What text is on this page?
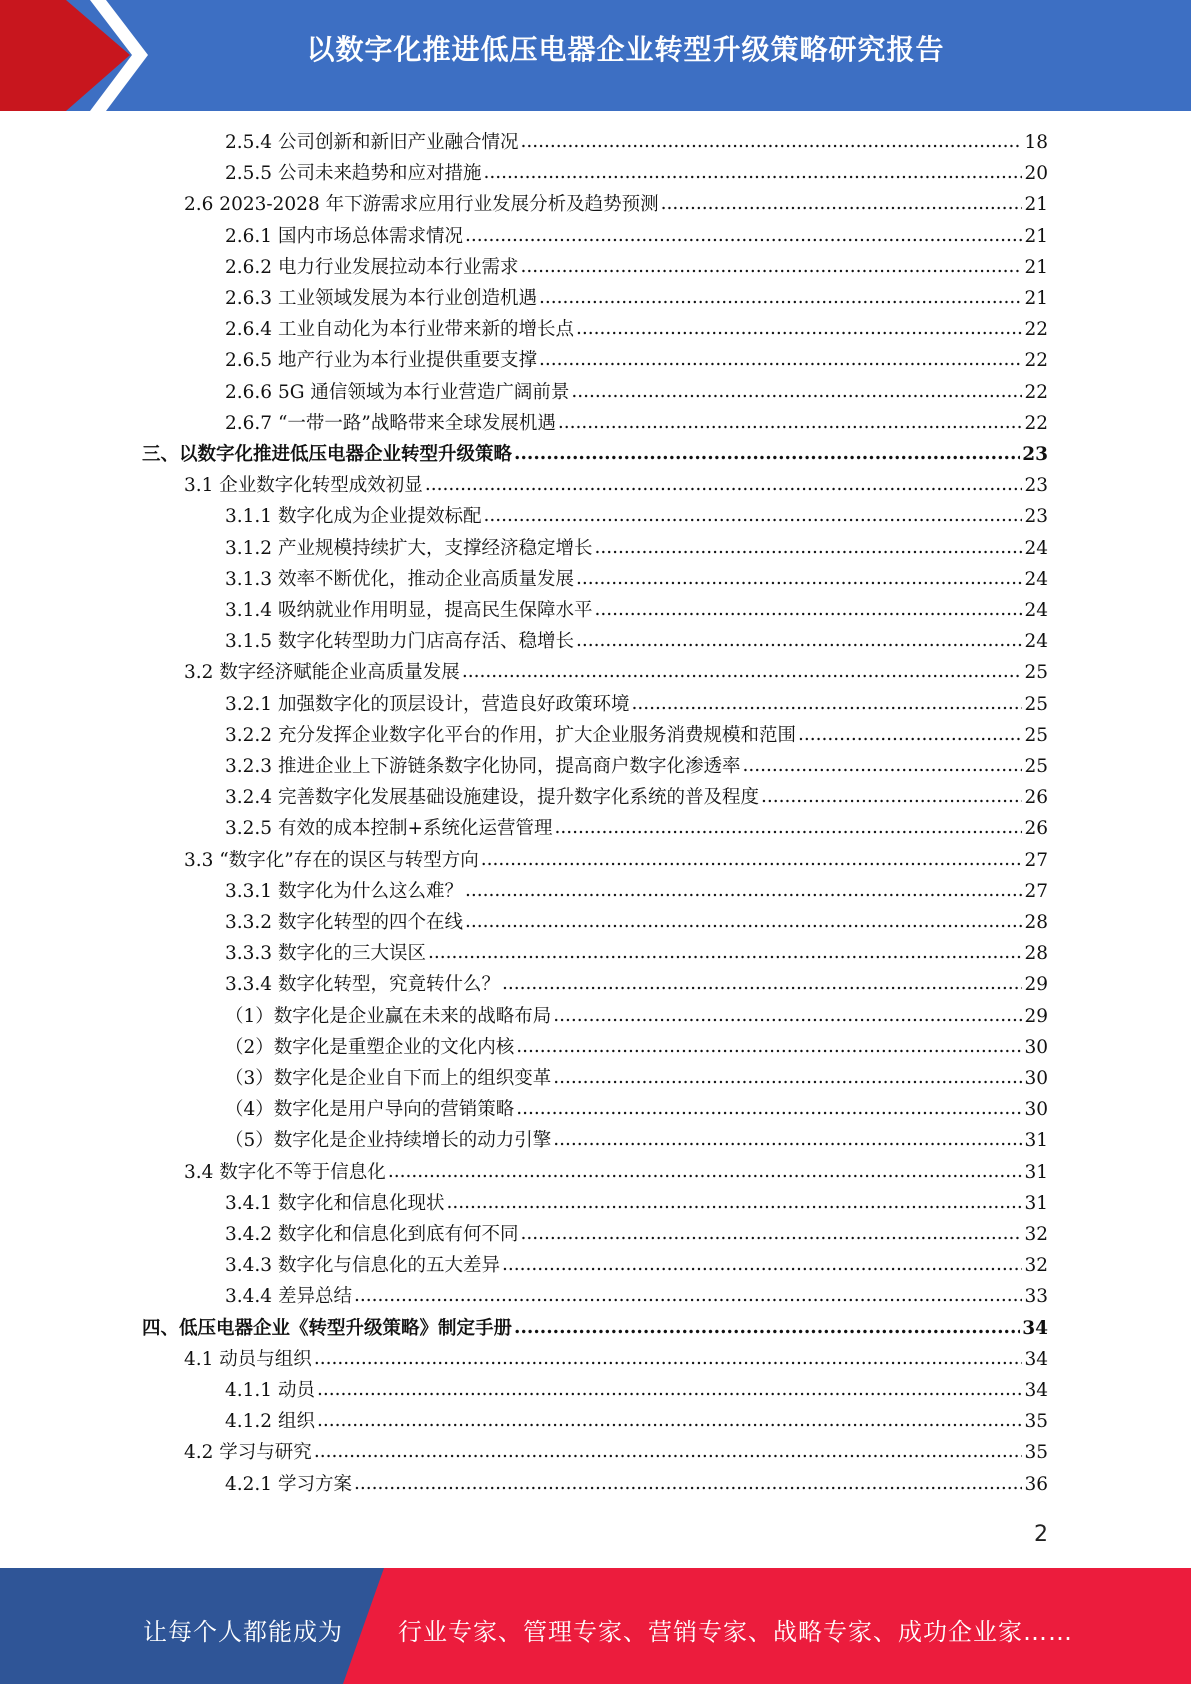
以数字化推进低压电器企业转型升级策略研究报告
2.5.4 公司创新和新旧产业融合情况 .....	18
2.5.5 公司未来趋势和应对措施 .....	20
2.6 2023-2028 年下游需求应用行业发展分析及趋势预测 .....	21
2.6.1 国内市场总体需求情况 .....	21
2.6.2 电力行业发展拉动本行业需求 .....	21
2.6.3 工业领域发展为本行业创造机遇 .....	21
2.6.4 工业自动化为本行业带来新的增长点 .....	22
2.6.5 地产行业为本行业提供重要支撑 .....	22
2.6.6 5G 通信领域为本行业营造广阔前景 .....	22
2.6.7 “一带一路”战略带来全球发展机遇 .....	22
三、以数字化推进低压电器企业转型升级策略 .....	23
3.1 企业数字化转型成效初显 .....	23
3.1.1 数字化成为企业提效标配 .....	23
3.1.2 产业规模持续扩大，支撑经济稳定增长 .....	24
3.1.3 效率不断优化，推动企业高质量发展 .....	24
3.1.4 吸纳就业作用明显，提高民生保障水平 .....	24
3.1.5 数字化转型助力门店高存活、稳增长 .....	24
3.2 数字经济赋能企业高质量发展 .....	25
3.2.1 加强数字化的顶层设计，营造良好政策环境 .....	25
3.2.2 充分发挥企业数字化平台的作用，扩大企业服务消费规模和范围 .....	25
3.2.3 推进企业上下游链条数字化协同，提高商户数字化渗透率 .....	25
3.2.4 完善数字化发展基础设施建设，提升数字化系统的普及程度 .....	26
3.2.5 有效的成本控制+系统化运营管理 .....	26
3.3 “数字化”存在的误区与转型方向 .....	27
3.3.1 数字化为什么这么难？ .....	27
3.3.2 数字化转型的四个在线 .....	28
3.3.3 数字化的三大误区 .....	28
3.3.4 数字化转型，究竟转什么？ .....	29
（1）数字化是企业赢在未来的战略布局 .....	29
（2）数字化是重塑企业的文化内核 .....	30
（3）数字化是企业自下而上的组织变革 .....	30
（4）数字化是用户导向的营销策略 .....	30
（5）数字化是企业持续增长的动力引擎 .....	31
3.4 数字化不等于信息化 .....	31
3.4.1 数字化和信息化现状 .....	31
3.4.2 数字化和信息化到底有何不同 .....	32
3.4.3 数字化与信息化的五大差异 .....	32
3.4.4 差异总结 .....	33
四、低压电器企业《转型升级策略》制定手册 .....	34
4.1 动员与组织 .....	34
4.1.1 动员 .....	34
4.1.2 组织 .....	35
4.2 学习与研究 .....	35
4.2.1 学习方案 .....	36
2
让每个人都能成为 行业专家、管理专家、营销专家、战略专家、成功企业家……
